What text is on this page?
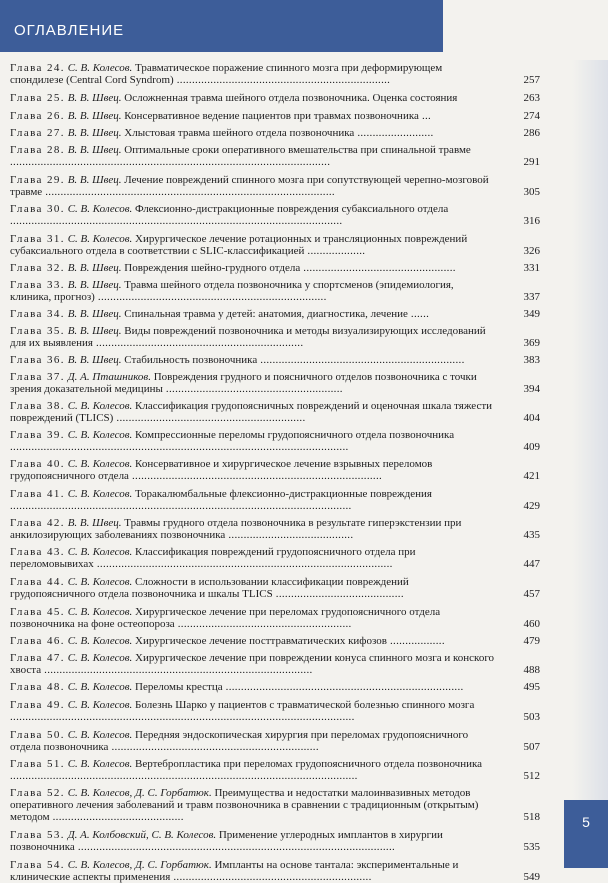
ОГЛАВЛЕНИЕ
Глава 24. С. В. Колесов. Травматическое поражение спинного мозга при деформирующем спондилезе (Central Cord Syndrom) ......................................................................	257
Глава 25. В. В. Швец. Осложненная травма шейного отдела позвоночника. Оценка состояния	263
Глава 26. В. В. Швец. Консервативное ведение пациентов при травмах позвоночника ...	274
Глава 27. В. В. Швец. Хлыстовая травма шейного отдела позвоночника .........................	286
Глава 28. В. В. Швец. Оптимальные сроки оперативного вмешательства при спинальной травме .........................................................................................................	291
Глава 29. В. В. Швец. Лечение повреждений спинного мозга при сопутствующей черепно-мозговой травме ...............................................................................................	305
Глава 30. С. В. Колесов. Флексионно-дистракционные повреждения субаксиального отдела .............................................................................................................	316
Глава 31. С. В. Колесов. Хирургическое лечение ротационных и трансляционных повреждений субаксиального отдела в соответствии с SLIC-классификацией ...................	326
Глава 32. В. В. Швец. Повреждения шейно-грудного отдела ..................................................	331
Глава 33. В. В. Швец. Травма шейного отдела позвоночника у спортсменов (эпидемиология, клиника, прогноз) ...........................................................................	337
Глава 34. В. В. Швец. Спинальная травма у детей: анатомия, диагностика, лечение ......	349
Глава 35. В. В. Швец. Виды повреждений позвоночника и методы визуализирующих исследований для их выявления ....................................................................	369
Глава 36. В. В. Швец. Стабильность позвоночника ...................................................................	383
Глава 37. Д. А. Пташников. Повреждения грудного и поясничного отделов позвоночника с точки зрения доказательной медицины ..........................................................	394
Глава 38. С. В. Колесов. Классификация грудопоясничных повреждений и оценочная шкала тяжести повреждений (TLICS) ..............................................................	404
Глава 39. С. В. Колесов. Компрессионные переломы грудопоясничного отдела позвоночника ...............................................................................................................	409
Глава 40. С. В. Колесов. Консервативное и хирургическое лечение взрывных переломов грудопоясничного отдела ..................................................................................	421
Глава 41. С. В. Колесов. Торакалюмбальные флексионно-дистракционные повреждения ................................................................................................................	429
Глава 42. В. В. Швец. Травмы грудного отдела позвоночника в результате гиперэкстензии при анкилозирующих заболеваниях позвоночника .........................................	435
Глава 43. С. В. Колесов. Классификация повреждений грудопоясничного отдела при переломовывихах .................................................................................................	447
Глава 44. С. В. Колесов. Сложности в использовании классификации повреждений грудопоясничного отдела позвоночника и шкалы TLICS ..........................................	457
Глава 45. С. В. Колесов. Хирургическое лечение при переломах грудопоясничного отдела позвоночника на фоне остеопороза .........................................................	460
Глава 46. С. В. Колесов. Хирургическое лечение посттравматических кифозов ..................	479
Глава 47. С. В. Колесов. Хирургическое лечение при повреждении конуса спинного мозга и конского хвоста ........................................................................................	488
Глава 48. С. В. Колесов. Переломы крестца ..............................................................................	495
Глава 49. С. В. Колесов. Болезнь Шарко у пациентов с травматической болезнью спинного мозга .................................................................................................................	503
Глава 50. С. В. Колесов. Передняя эндоскопическая хирургия при переломах грудопоясничного отдела позвоночника ....................................................................	507
Глава 51. С. В. Колесов. Вертебропластика при переломах грудопоясничного отдела позвоночника ..................................................................................................................	512
Глава 52. С. В. Колесов, Д. С. Горбатюк. Преимущества и недостатки малоинвазивных методов оперативного лечения заболеваний и травм позвоночника в сравнении с традиционным (открытым) методом ...........................................	518
Глава 53. Д. А. Колбовский, С. В. Колесов. Применение углеродных имплантов в хирургии позвоночника ........................................................................................................	535
Глава 54. С. В. Колесов, Д. С. Горбатюк. Импланты на основе тантала: экспериментальные и клинические аспекты применения .................................................................	549
5
